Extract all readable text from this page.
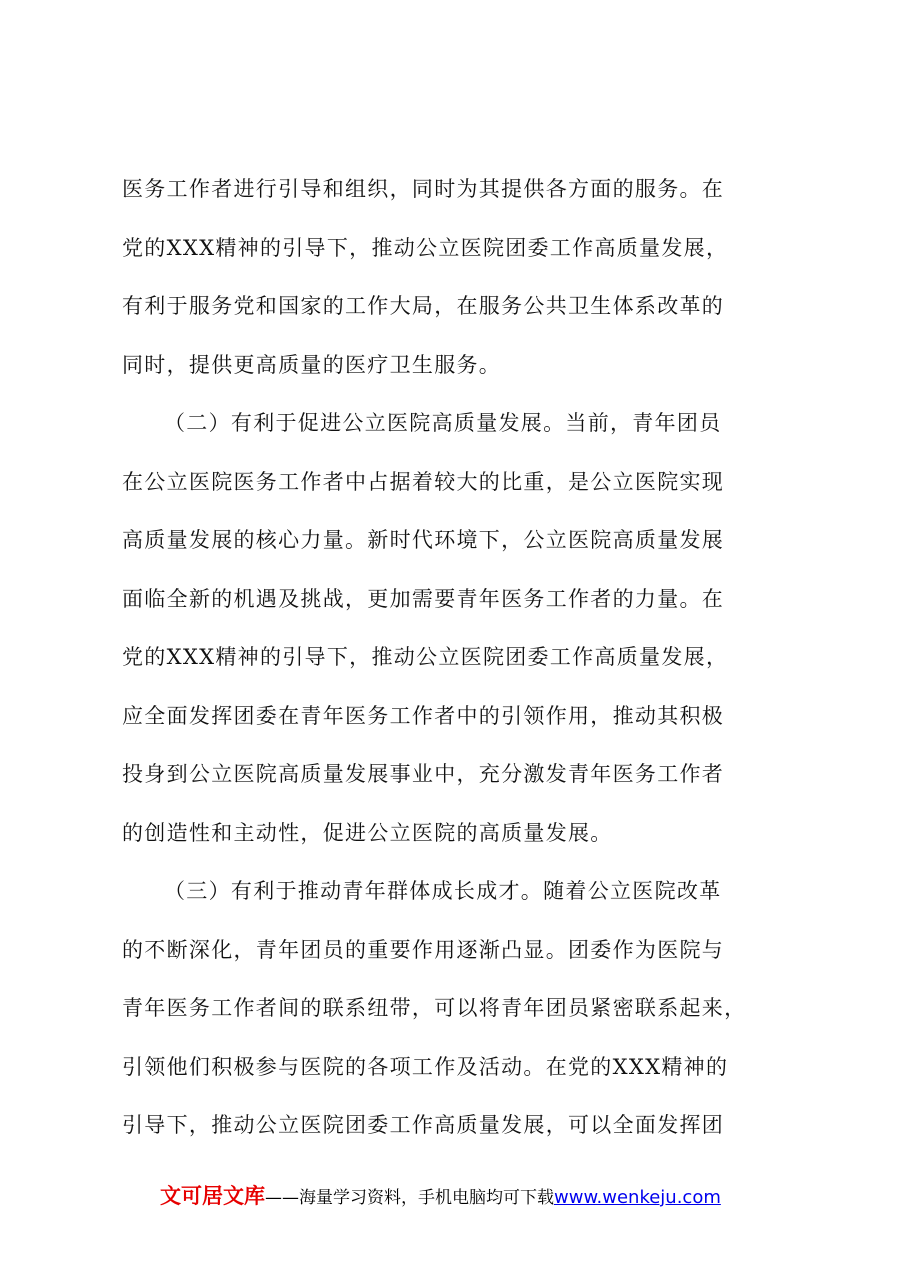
医务工作者进行引导和组织，同时为其提供各方面的服务。在
党的XXX精神的引导下，推动公立医院团委工作高质量发展，
有利于服务党和国家的工作大局，在服务公共卫生体系改革的
同时，提供更高质量的医疗卫生服务。
（二）有利于促进公立医院高质量发展。当前，青年团员
在公立医院医务工作者中占据着较大的比重，是公立医院实现
高质量发展的核心力量。新时代环境下，公立医院高质量发展
面临全新的机遇及挑战，更加需要青年医务工作者的力量。在
党的XXX精神的引导下，推动公立医院团委工作高质量发展，
应全面发挥团委在青年医务工作者中的引领作用，推动其积极
投身到公立医院高质量发展事业中，充分激发青年医务工作者
的创造性和主动性，促进公立医院的高质量发展。
（三）有利于推动青年群体成长成才。随着公立医院改革
的不断深化，青年团员的重要作用逐渐凸显。团委作为医院与
青年医务工作者间的联系纽带，可以将青年团员紧密联系起来，
引领他们积极参与医院的各项工作及活动。在党的XXX精神的
引导下，推动公立医院团委工作高质量发展，可以全面发挥团
文可居文库——海量学习资料，手机电脑均可下载www.wenkeju.com
